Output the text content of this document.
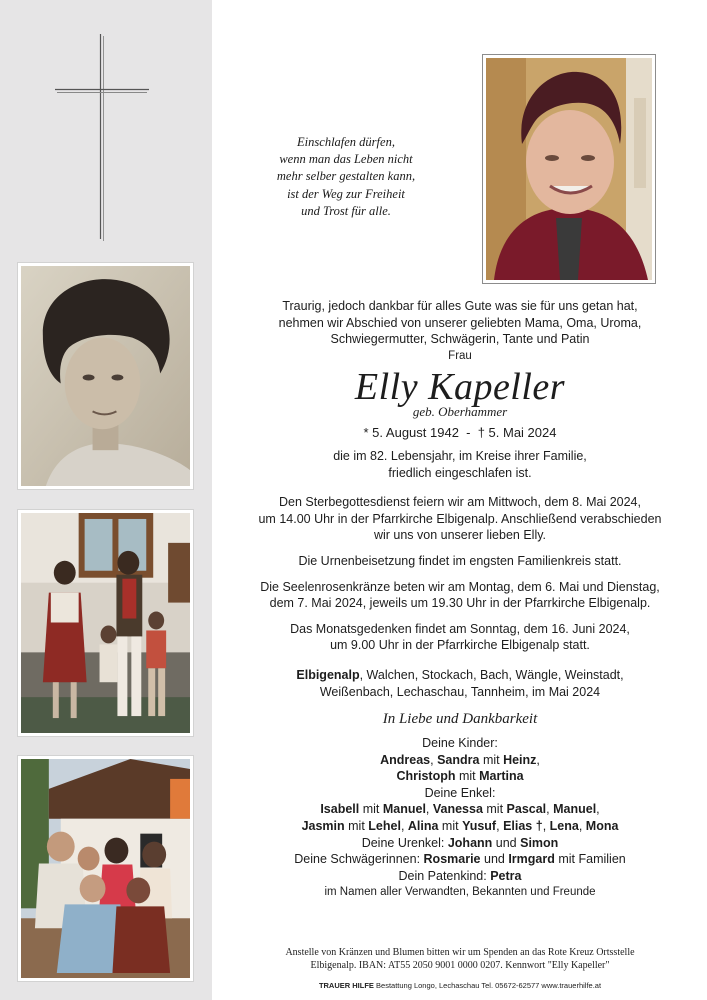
Einschlafen dürfen,
wenn man das Leben nicht
mehr selber gestalten kann,
ist der Weg zur Freiheit
und Trost für alle.
Traurig, jedoch dankbar für alles Gute was sie für uns getan hat,
nehmen wir Abschied von unserer geliebten Mama, Oma, Uroma,
Schwiegermutter, Schwägerin, Tante und Patin
Frau
Elly Kapeller
geb. Oberhammer
* 5. August 1942  -  † 5. Mai 2024
die im 82. Lebensjahr, im Kreise ihrer Familie,
friedlich eingeschlafen ist.
Den Sterbegottesdienst feiern wir am Mittwoch, dem 8. Mai 2024,
um 14.00 Uhr in der Pfarrkirche Elbigenalp. Anschließend verabschieden
wir uns von unserer lieben Elly.
Die Urnenbeisetzung findet im engsten Familienkreis statt.
Die Seelenrosenkränze beten wir am Montag, dem 6. Mai und Dienstag,
dem 7. Mai 2024, jeweils um 19.30 Uhr in der Pfarrkirche Elbigenalp.
Das Monatsgedenken findet am Sonntag, dem 16. Juni 2024,
um 9.00 Uhr in der Pfarrkirche Elbigenalp statt.
Elbigenalp, Walchen, Stockach, Bach, Wängle, Weinstadt,
Weißenbach, Lechaschau, Tannheim, im Mai 2024
In Liebe und Dankbarkeit
Deine Kinder:
Andreas, Sandra mit Heinz,
Christoph mit Martina
Deine Enkel:
Isabell mit Manuel, Vanessa mit Pascal, Manuel,
Jasmin mit Lehel, Alina mit Yusuf, Elias †, Lena, Mona
Deine Urenkel: Johann und Simon
Deine Schwägerinnen: Rosmarie und Irmgard mit Familien
Dein Patenkind: Petra
im Namen aller Verwandten, Bekannten und Freunde
Anstelle von Kränzen und Blumen bitten wir um Spenden an das Rote Kreuz Ortsstelle
Elbigenalp. IBAN: AT55 2050 9001 0000 0207. Kennwort "Elly Kapeller"
TRAUER HILFE Bestattung Longo, Lechaschau Tel. 05672-62577 www.trauerhilfe.at
